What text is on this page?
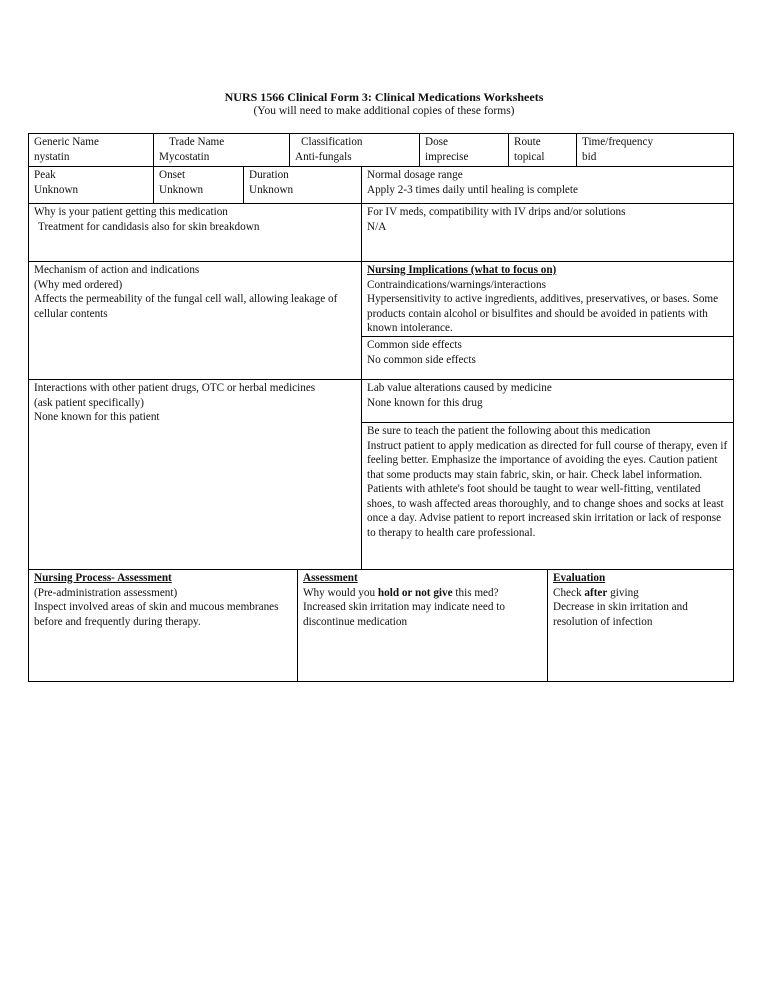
NURS 1566 Clinical Form 3: Clinical Medications Worksheets
(You will need to make additional copies of these forms)
Generic Name
nystatin
Trade Name
Mycostatin
Classification
Anti-fungals
Dose
imprecise
Route
topical
Time/frequency
bid
Peak
Unknown
Onset
Unknown
Duration
Unknown
Normal dosage range
Apply 2-3 times daily until healing is complete
Why is your patient getting this medication
Treatment for candidasis also for skin breakdown
For IV meds, compatibility with IV drips and/or solutions
N/A
Mechanism of action and indications
(Why med ordered)
Affects the permeability of the fungal cell wall, allowing leakage of cellular contents
Nursing Implications (what to focus on)
Contraindications/warnings/interactions
Hypersensitivity to active ingredients, additives, preservatives, or bases. Some products contain alcohol or bisulfites and should be avoided in patients with known intolerance.
Common side effects
No common side effects
Interactions with other patient drugs, OTC or herbal medicines
(ask patient specifically)
None known for this patient
Lab value alterations caused by medicine
None known for this drug
Be sure to teach the patient the following about this medication
Instruct patient to apply medication as directed for full course of therapy, even if feeling better. Emphasize the importance of avoiding the eyes. Caution patient that some products may stain fabric, skin, or hair. Check label information. Patients with athlete's foot should be taught to wear well-fitting, ventilated shoes, to wash affected areas thoroughly, and to change shoes and socks at least once a day. Advise patient to report increased skin irritation or lack of response to therapy to health care professional.
Nursing Process- Assessment
(Pre-administration assessment)
Inspect involved areas of skin and mucous membranes before and frequently during therapy.
Assessment
Why would you hold or not give this med?
Increased skin irritation may indicate need to discontinue medication
Evaluation
Check after giving
Decrease in skin irritation and resolution of infection
